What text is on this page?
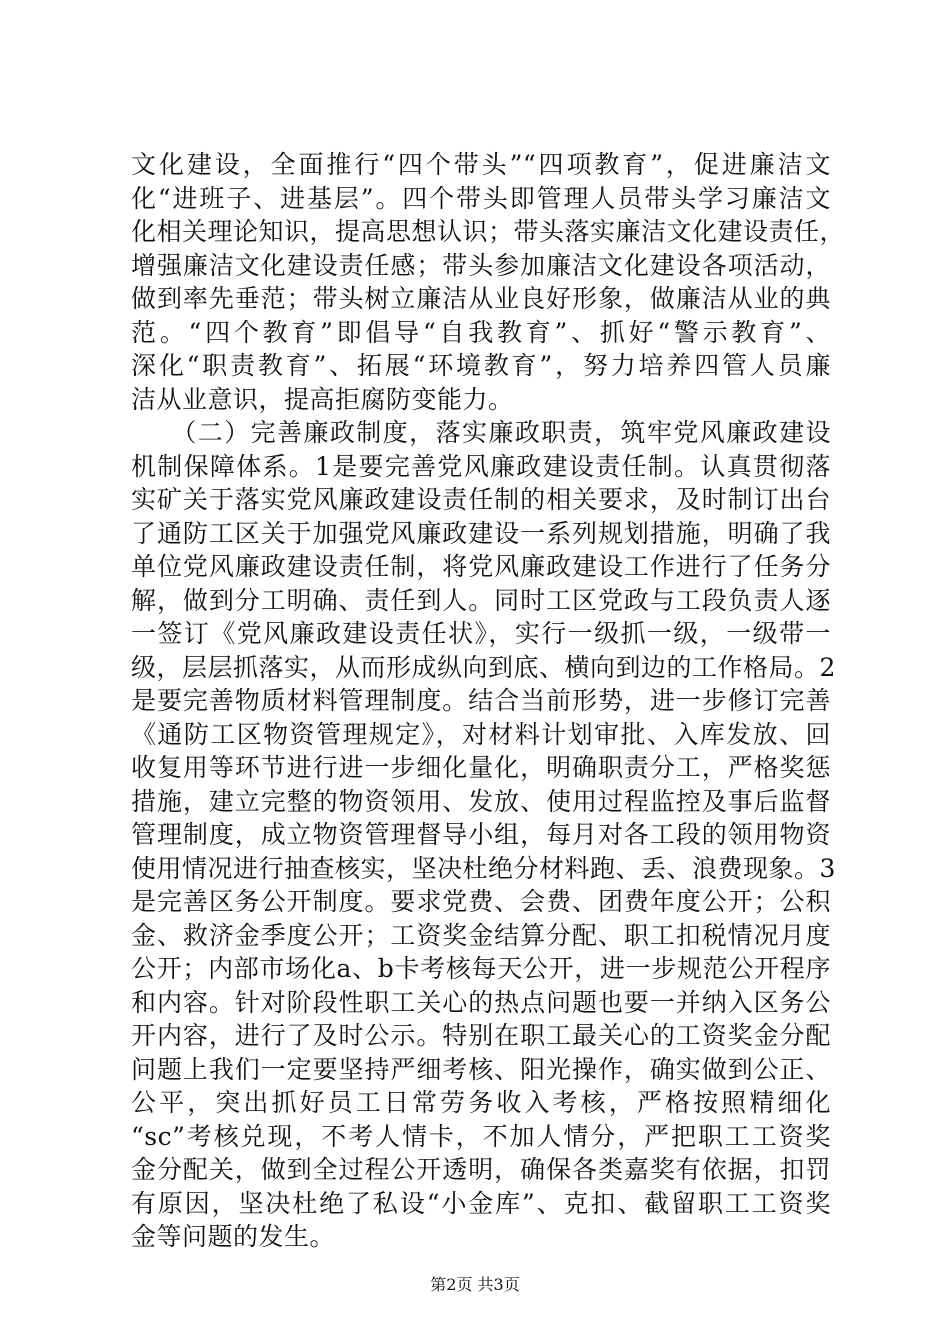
文化建设，全面推行“四个带头”“四项教育”，促进廉洁文
化“进班子、进基层”。四个带头即管理人员带头学习廉洁文
化相关理论知识，提高思想认识；带头落实廉洁文化建设责任，
增强廉洁文化建设责任感；带头参加廉洁文化建设各项活动，
做到率先垂范；带头树立廉洁从业良好形象，做廉洁从业的典
范。“四个教育”即倡导“自我教育”、抓好“警示教育”、
深化“职责教育”、拓展“环境教育”，努力培养四管人员廉
洁从业意识，提高拒腐防变能力。
　　（二）完善廉政制度，落实廉政职责，筑牢党风廉政建设
机制保障体系。1是要完善党风廉政建设责任制。认真贯彻落
实矿关于落实党风廉政建设责任制的相关要求，及时制订出台
了通防工区关于加强党风廉政建设一系列规划措施，明确了我
单位党风廉政建设责任制，将党风廉政建设工作进行了任务分
解，做到分工明确、责任到人。同时工区党政与工段负责人逐
一签订《党风廉政建设责任状》，实行一级抓一级，一级带一
级，层层抓落实，从而形成纵向到底、横向到边的工作格局。2
是要完善物质材料管理制度。结合当前形势，进一步修订完善
《通防工区物资管理规定》，对材料计划审批、入库发放、回
收复用等环节进行进一步细化量化，明确职责分工，严格奖惩
措施，建立完整的物资领用、发放、使用过程监控及事后监督
管理制度，成立物资管理督导小组，每月对各工段的领用物资
使用情况进行抽查核实，坚决杜绝分材料跑、丢、浪费现象。3
是完善区务公开制度。要求党费、会费、团费年度公开；公积
金、救济金季度公开；工资奖金结算分配、职工扣税情况月度
公开；内部市场化a、b卡考核每天公开，进一步规范公开程序
和内容。针对阶段性职工关心的热点问题也要一并纳入区务公
开内容，进行了及时公示。特别在职工最关心的工资奖金分配
问题上我们一定要坚持严细考核、阳光操作，确实做到公正、
公平，突出抓好员工日常劳务收入考核，严格按照精细化
“sc”考核兑现，不考人情卡，不加人情分，严把职工工资奖
金分配关，做到全过程公开透明，确保各类嘉奖有依据，扣罚
有原因，坚决杜绝了私设“小金库”、克扣、截留职工工资奖
金等问题的发生。
第2页 共3页
